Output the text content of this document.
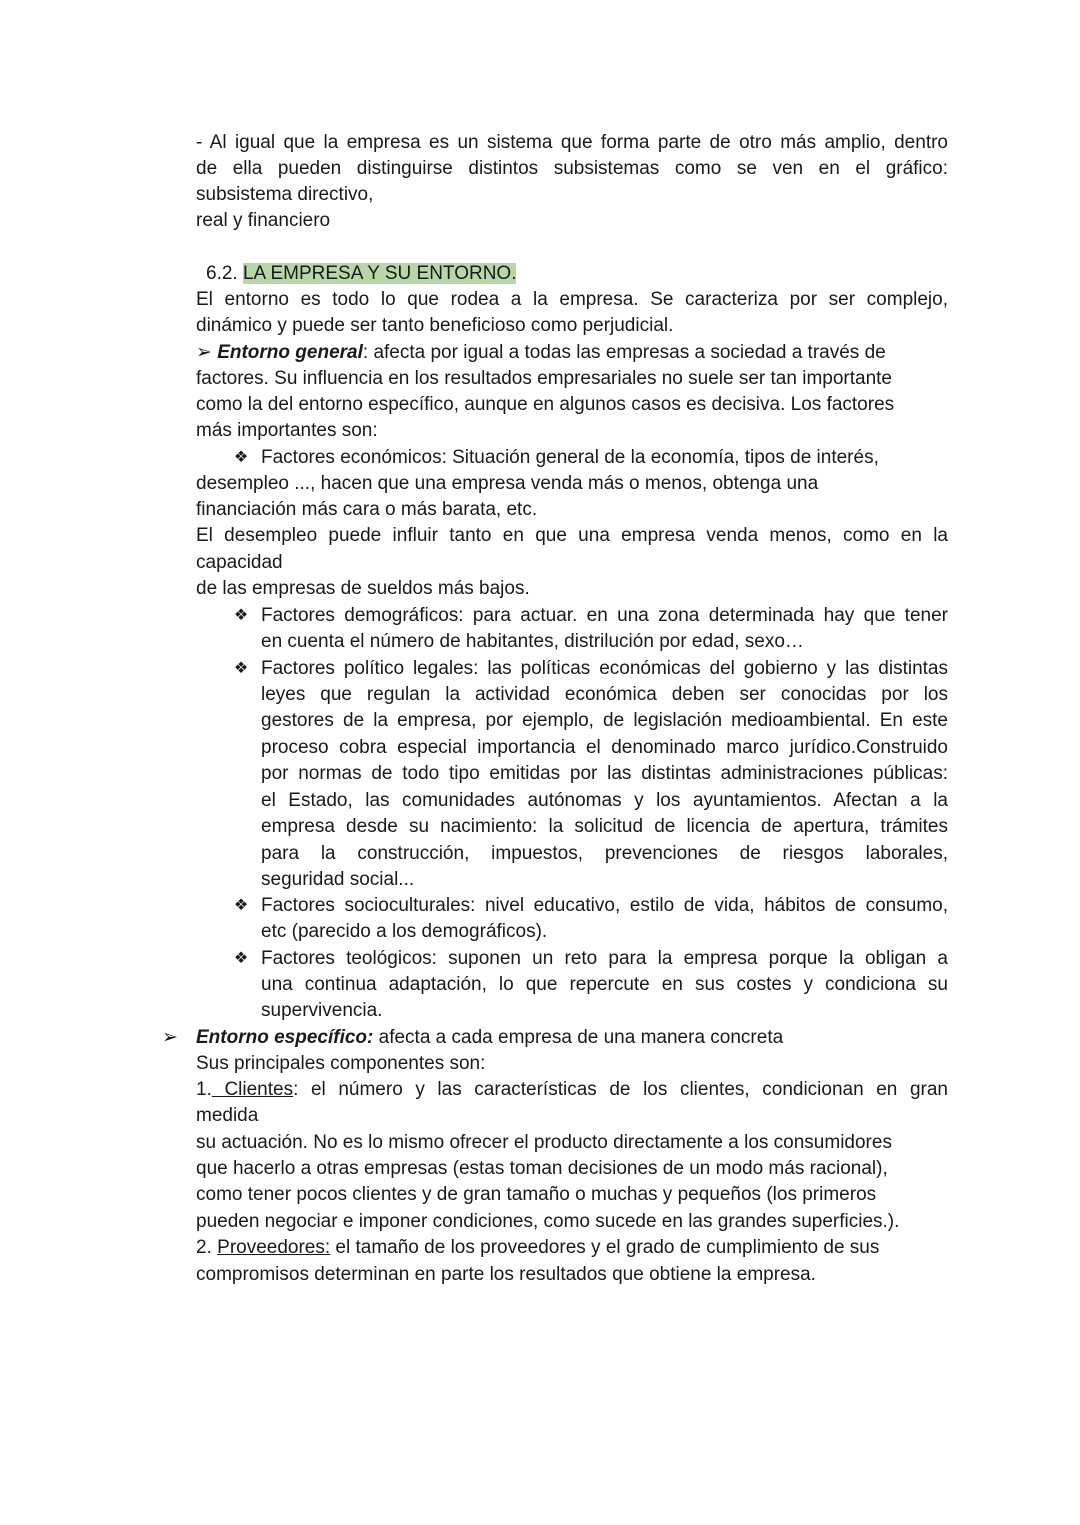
- Al igual que la empresa es un sistema que forma parte de otro más amplio, dentro
de ella pueden distinguirse distintos subsistemas como se ven en el gráfico:
subsistema directivo,
real y financiero
6.2. LA EMPRESA Y SU ENTORNO.
El entorno es todo lo que rodea a la empresa. Se caracteriza por ser complejo,
dinámico y puede ser tanto beneficioso como perjudicial.
➢ Entorno general: afecta por igual a todas las empresas a sociedad a través de
factores. Su influencia en los resultados empresariales no suele ser tan importante
como la del entorno específico, aunque en algunos casos es decisiva. Los factores
más importantes son:
❖ Factores económicos: Situación general de la economía, tipos de interés,
desempleo ..., hacen que una empresa venda más o menos, obtenga una
financiación más cara o más barata, etc.
El desempleo puede influir tanto en que una empresa venda menos, como en la
capacidad
de las empresas de sueldos más bajos.
❖ Factores demográficos: para actuar. en una zona determinada hay que tener
en cuenta el número de habitantes, distrilución por edad, sexo…
❖ Factores político legales: las políticas económicas del gobierno y las distintas
leyes que regulan la actividad económica deben ser conocidas por los
gestores de la empresa, por ejemplo, de legislación medioambiental. En este
proceso cobra especial importancia el denominado marco jurídico.Construido
por normas de todo tipo emitidas por las distintas administraciones públicas:
el Estado, las comunidades autónomas y los ayuntamientos. Afectan a la
empresa desde su nacimiento: la solicitud de licencia de apertura, trámites
para la construcción, impuestos, prevenciones de riesgos laborales,
seguridad social...
❖ Factores socioculturales: nivel educativo, estilo de vida, hábitos de consumo,
etc (parecido a los demográficos).
❖ Factores teológicos: suponen un reto para la empresa porque la obligan a
una continua adaptación, lo que repercute en sus costes y condiciona su
supervivencia.
➢ Entorno específico: afecta a cada empresa de una manera concreta
Sus principales componentes son:
1. Clientes: el número y las características de los clientes, condicionan en gran
medida
su actuación. No es lo mismo ofrecer el producto directamente a los consumidores
que hacerlo a otras empresas (estas toman decisiones de un modo más racional),
como tener pocos clientes y de gran tamaño o muchas y pequeños (los primeros
pueden negociar e imponer condiciones, como sucede en las grandes superficies.).
2. Proveedores: el tamaño de los proveedores y el grado de cumplimiento de sus
compromisos determinan en parte los resultados que obtiene la empresa.
